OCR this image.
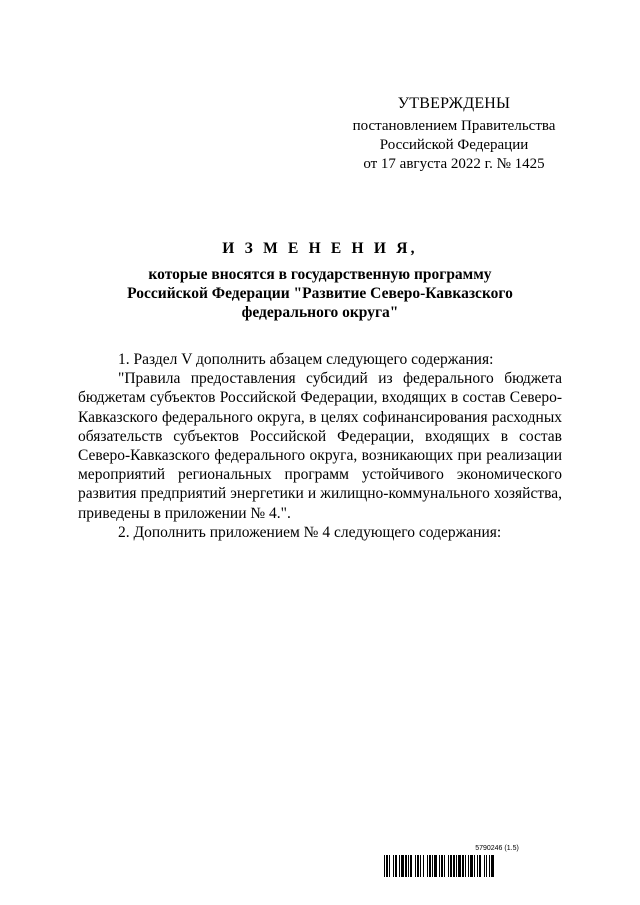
УТВЕРЖДЕНЫ
постановлением Правительства
Российской Федерации
от 17 августа 2022 г. № 1425
И З М Е Н Е Н И Я,
которые вносятся в государственную программу
Российской Федерации "Развитие Северо-Кавказского
федерального округа"

1. Раздел V дополнить абзацем следующего содержания:

"Правила предоставления субсидий из федерального бюджета бюджетам субъектов Российской Федерации, входящих в состав Северо-Кавказского федерального округа, в целях софинансирования расходных обязательств субъектов Российской Федерации, входящих в состав Северо-Кавказского федерального округа, возникающих при реализации мероприятий региональных программ устойчивого экономического развития предприятий энергетики и жилищно-коммунального хозяйства, приведены в приложении № 4.".

2. Дополнить приложением № 4 следующего содержания:

5790246 (1.5)
